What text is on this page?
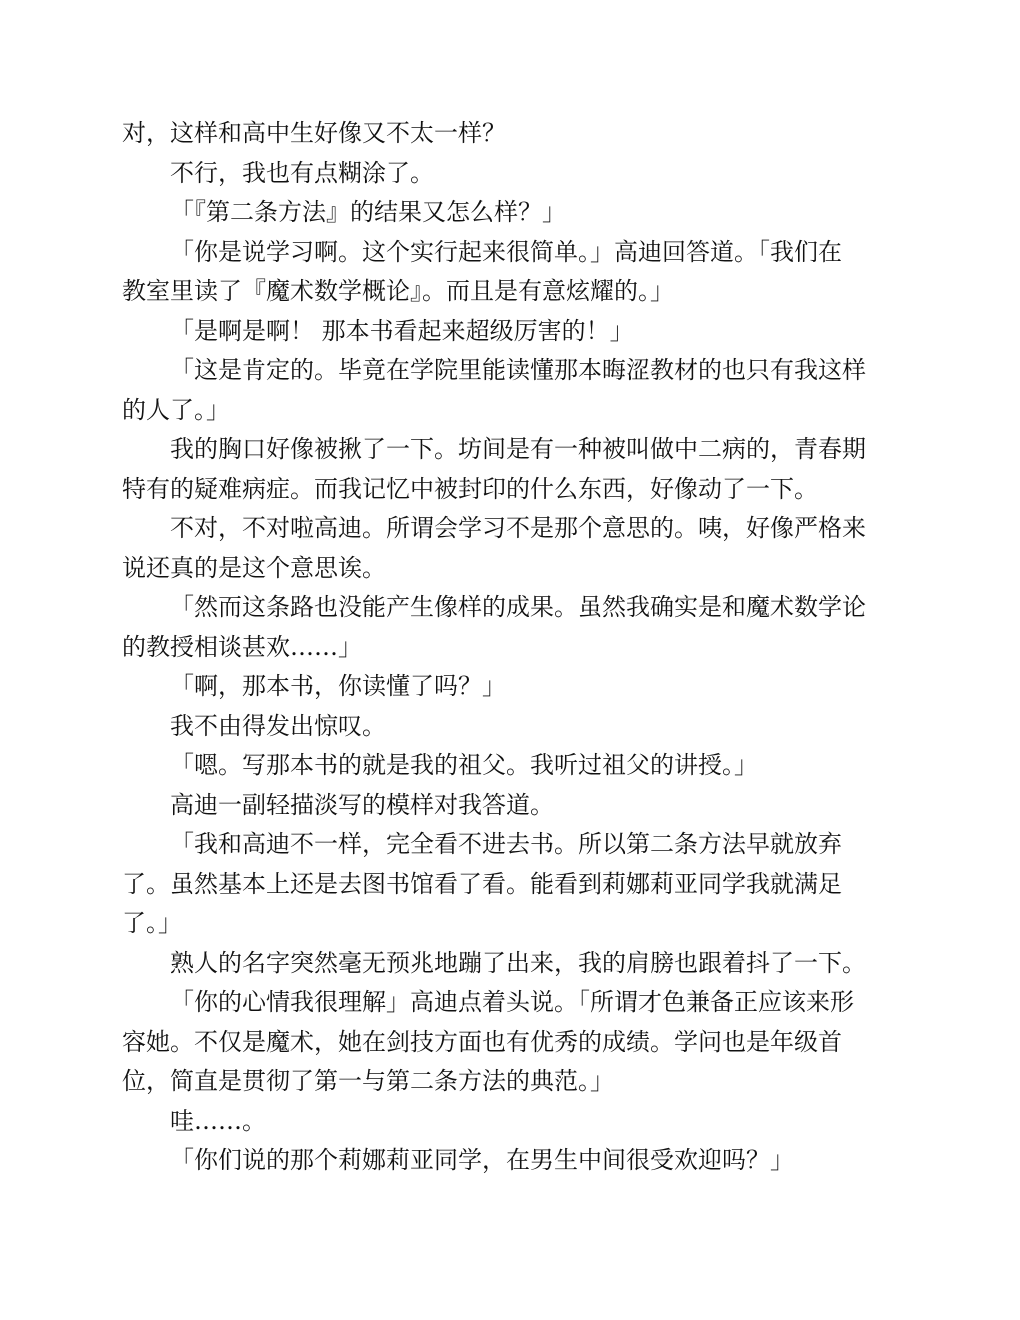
对，这样和高中生好像又不太一样？

不行，我也有点糊涂了。

「『第二条方法』的结果又怎么样？」

「你是说学习啊。这个实行起来很简单。」高迪回答道。「我们在
教室里读了『魔术数学概论』。而且是有意炫耀的。」

「是啊是啊！ 那本书看起来超级厉害的！」

「这是肯定的。毕竟在学院里能读懂那本晦涩教材的也只有我这样
的人了。」

我的胸口好像被揪了一下。坊间是有一种被叫做中二病的，青春期
特有的疑难病症。而我记忆中被封印的什么东西，好像动了一下。

不对，不对啦高迪。所谓会学习不是那个意思的。咦，好像严格来
说还真的是这个意思诶。

「然而这条路也没能产生像样的成果。虽然我确实是和魔术数学论
的教授相谈甚欢……」

「啊，那本书，你读懂了吗？」

我不由得发出惊叹。

「嗯。写那本书的就是我的祖父。我听过祖父的讲授。」

高迪一副轻描淡写的模样对我答道。

「我和高迪不一样，完全看不进去书。所以第二条方法早就放弃
了。虽然基本上还是去图书馆看了看。能看到莉娜莉亚同学我就满足
了。」

熟人的名字突然毫无预兆地蹦了出来，我的肩膀也跟着抖了一下。

「你的心情我很理解」高迪点着头说。「所谓才色兼备正应该来形
容她。不仅是魔术，她在剑技方面也有优秀的成绩。学问也是年级首
位，简直是贯彻了第一与第二条方法的典范。」

哇……。

「你们说的那个莉娜莉亚同学，在男生中间很受欢迎吗？」
